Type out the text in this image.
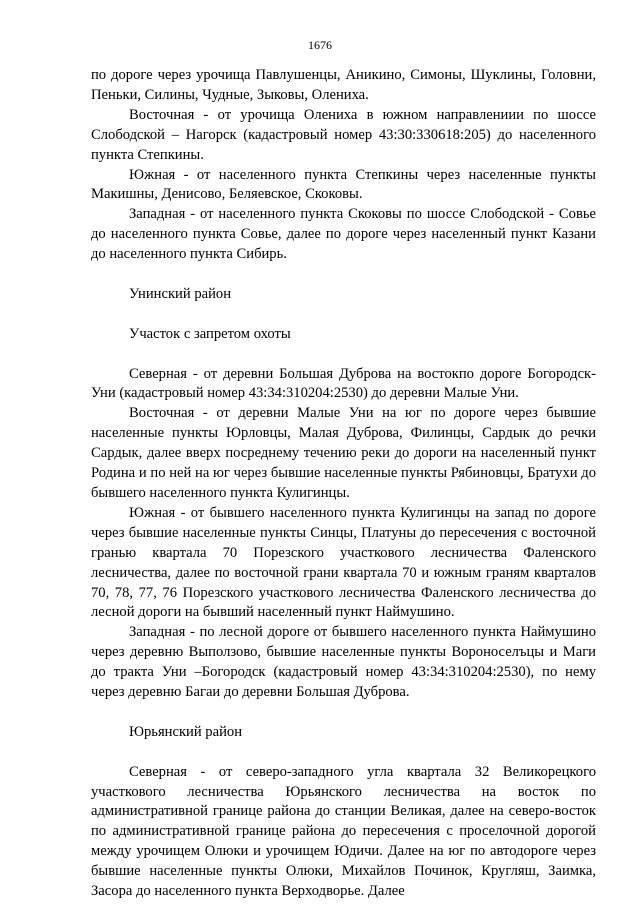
1676

по дороге через урочища Павлушенцы, Аникино, Симоны, Шуклины, Головни, Пеньки, Силины, Чудные, Зыковы, Олениха.

Восточная - от урочища Олениха в южном направлениии по шоссе Слободской – Нагорск (кадастровый номер 43:30:330618:205) до населенного пункта Степкины.

Южная - от населенного пункта Степкины через населенные пункты Макишны, Денисово, Беляевское, Скоковы.

Западная - от населенного пункта Скоковы по шоссе Слободской - Совье до населенного пункта Совье, далее по дороге через населенный пункт Казани до населенного пункта Сибирь.

Унинский район

Участок с запретом охоты

Северная - от деревни Большая Дуброва на востокпо дороге Богородск-Уни (кадастровый номер 43:34:310204:2530) до деревни Малые Уни.

Восточная - от деревни Малые Уни на юг по дороге через бывшие населенные пункты Юрловцы, Малая Дуброва, Филинцы, Сардык до речки Сардык, далее вверх посреднему течению реки до дороги на населенный пункт Родина и по ней на юг через бывшие населенные пункты Рябиновцы, Братухи до бывшего населенного пункта Кулигинцы.

Южная - от бывшего населенного пункта Кулигинцы на запад по дороге через бывшие населенные пункты Синцы, Платуны до пересечения с восточной гранью квартала 70 Порезского участкового лесничества Фаленского лесничества, далее по восточной грани квартала 70 и южным граням кварталов 70, 78, 77, 76 Порезского участкового лесничества Фаленского лесничества до лесной дороги на бывший населенный пункт Наймушино.

Западная - по лесной дороге от бывшего населенного пункта Наймушино через деревню Выползово, бывшие населенные пункты Вороноселъцы и Маги до тракта Уни –Богородск (кадастровый номер 43:34:310204:2530), по нему через деревню Багаи до деревни Большая Дуброва.

Юрьянский район

Северная - от северо-западного угла квартала 32 Великорецкого участкового лесничества Юрьянского лесничества на восток по административной границе района до станции Великая, далее на северо-восток по административной границе района до пересечения с проселочной дорогой между урочищем Олюки и урочищем Юдичи. Далее на юг по автодороге через бывшие населенные пункты Олюки, Михайлов Починок, Кругляш, Заимка, Засора до населенного пункта Верходворье. Далее
